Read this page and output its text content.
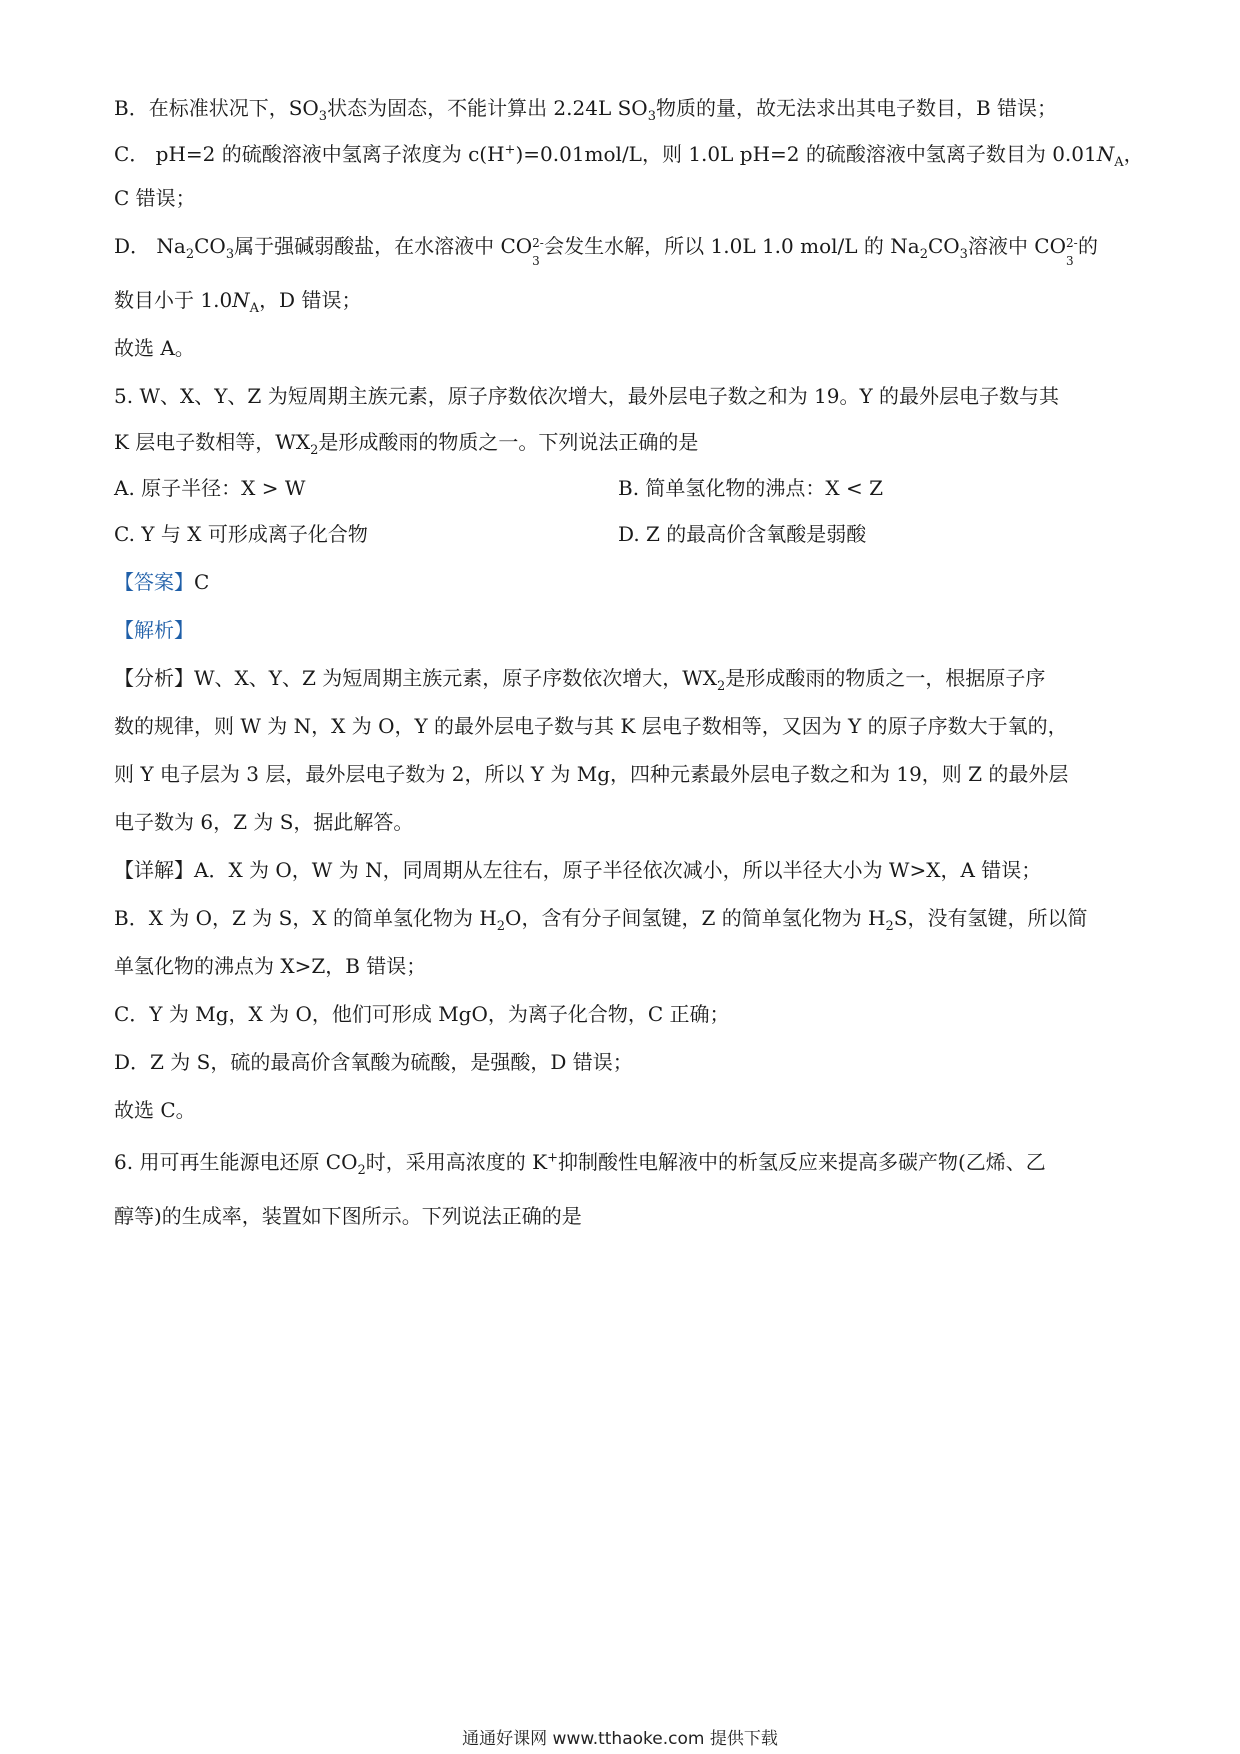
B．在标准状况下，$SO_3$状态为固态，不能计算出 2.24L $SO_3$物质的量，故无法求出其电子数目，B 错误；
C． pH=2 的硫酸溶液中氢离子浓度为 c(H+)=0.01mol/L，则 1.0L pH=2 的硫酸溶液中氢离子数目为 $0.01N_A$，
C 错误；
D． $Na_2CO_3$属于强碱弱酸盐，在水溶液中 CO 2-
3
会发生水解，所以 1.0L 1.0 mol/L 的 $Na_2CO_3$溶液中 CO 2-
3
的
数目小于 $1.0N_A$，D 错误；
故选 A。
5. W、X、Y、Z 为短周期主族元素，原子序数依次增大，最外层电子数之和为 19。Y 的最外层电子数与其
K 层电子数相等，$WX_2$是形成酸雨的物质之一。下列说法正确的是
A. 原子半径：X > W	B. 简单氢化物的沸点：X < Z
C. Y 与 X 可形成离子化合物	D. Z 的最高价含氧酸是弱酸
【答案】C
【解析】
【分析】W、X、Y、Z 为短周期主族元素，原子序数依次增大，$WX_2$是形成酸雨的物质之一，根据原子序
数的规律，则 W 为 N，X 为 O，Y 的最外层电子数与其 K 层电子数相等，又因为 Y 的原子序数大于氧的，
则 Y 电子层为 3 层，最外层电子数为 2，所以 Y 为 Mg，四种元素最外层电子数之和为 19，则 Z 的最外层
电子数为 6，Z 为 S，据此解答。
【详解】A．X 为 O，W 为 N，同周期从左往右，原子半径依次减小，所以半径大小为 W>X，A 错误；
B．X 为 O，Z 为 S，X 的简单氢化物为 $H_2O$，含有分子间氢键，Z 的简单氢化物为 $H_2S$，没有氢键，所以简
单氢化物的沸点为 X>Z，B 错误；
C．Y 为 Mg，X 为 O，他们可形成 MgO，为离子化合物，C 正确；
D．Z 为 S，硫的最高价含氧酸为硫酸，是强酸，D 错误；
故选 C。
6. 用可再生能源电还原 $CO_2$时，采用高浓度的 K+抑制酸性电解液中的析氢反应来提高多碳产物(乙烯、乙
醇等)的生成率，装置如下图所示。下列说法正确的是
通通好课网 www.tthaoke.com 提供下载
